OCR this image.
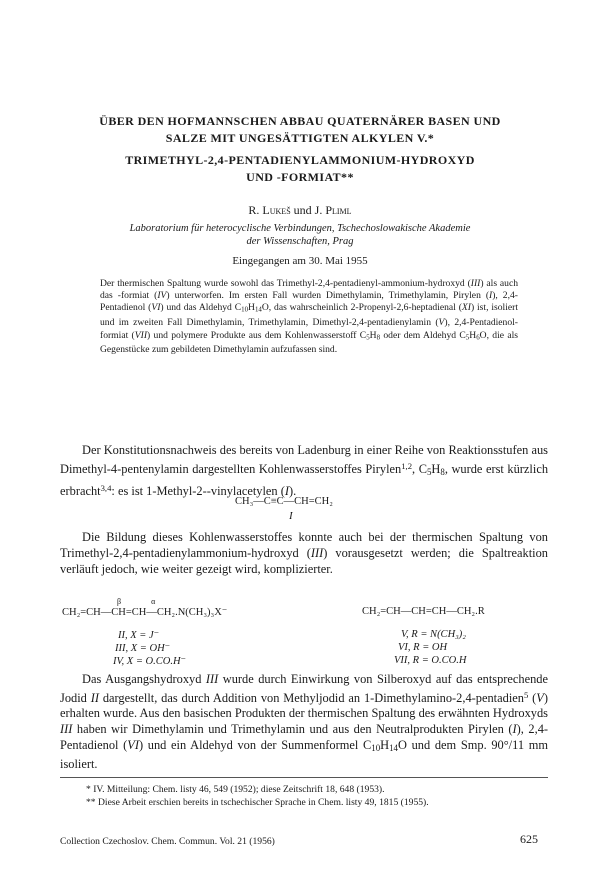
ÜBER DEN HOFMANNSCHEN ABBAU QUATERNÄRER BASEN UND
SALZE MIT UNGESÄTTIGTEN ALKYLEN V.*
TRIMETHYL-2,4-PENTADIENYLAMMONIUM-HYDROXYD
UND -FORMIAT**
R. Lukeš und J. Pliml
Laboratorium für heterocyclische Verbindungen, Tschechoslowakische Akademie
der Wissenschaften, Prag
Eingegangen am 30. Mai 1955
Der thermischen Spaltung wurde sowohl das Trimethyl-2,4-pentadienyl-ammonium-hydroxyd (III) als auch das -formiat (IV) unterworfen. Im ersten Fall wurden Dimethylamin, Trimethylamin, Pirylen (I), 2,4-Pentadienol (VI) und das Aldehyd $C_{10}H_{14}O$, das wahrscheinlich 2-Propenyl-2,6-heptadienal (XI) ist, isoliert und im zweiten Fall Dimethylamin, Trimethylamin, Dimethyl-2,4-pentadienylamin (V), 2,4-Pentadienol-formiat (VII) und polymere Produkte aus dem Kohlenwasserstoff $C_5H_8$ oder dem Aldehyd $C_5H_6O$, die als Gegenstücke zum gebildeten Dimethylamin aufzufassen sind.
Der Konstitutionsnachweis des bereits von Ladenburg in einer Reihe von Reaktionsstufen aus Dimethyl-4-pentenylamin dargestellten Kohlenwasserstoffes Pirylen$^{1,2}$, $C_5H_8$, wurde erst kürzlich erbracht$^{3,4}$: es ist 1-Methyl-2--vinylacetylen (I).
CH₃—C≡C—CH=CH₂
I
Die Bildung dieses Kohlenwasserstoffes konnte auch bei der thermischen Spaltung von Trimethyl-2,4-pentadienylammonium-hydroxyd (III) vorausgesetzt werden; die Spaltreaktion verläuft jedoch, wie weiter gezeigt wird, komplizierter.
β               α
CH₂=CH—CH=CH—CH₂.N(CH₃)₃X⁻
II, X = J⁻
III, X = OH⁻
IV, X = O.CO.H⁻
CH₂=CH—CH=CH—CH₂.R
V, R = N(CH₃)₂
VI, R = OH
VII, R = O.CO.H
Das Ausgangshydroxyd III wurde durch Einwirkung von Silberoxyd auf das entsprechende Jodid II dargestellt, das durch Addition von Methyljodid an 1-Dimethylamino-2,4-pentadien$^5$ (V) erhalten wurde. Aus den basischen Produkten der thermischen Spaltung des erwähnten Hydroxyds III haben wir Dimethylamin und Trimethylamin und aus den Neutralprodukten Pirylen (I), 2,4-Pentadienol (VI) und ein Aldehyd von der Summenformel $C_{10}H_{14}O$ und dem Smp. 90°/11 mm isoliert.
* IV. Mitteilung: Chem. listy 46, 549 (1952); diese Zeitschrift 18, 648 (1953).
** Diese Arbeit erschien bereits in tschechischer Sprache in Chem. listy 49, 1815 (1955).
Collection Czechoslov. Chem. Commun. Vol. 21 (1956)	625
